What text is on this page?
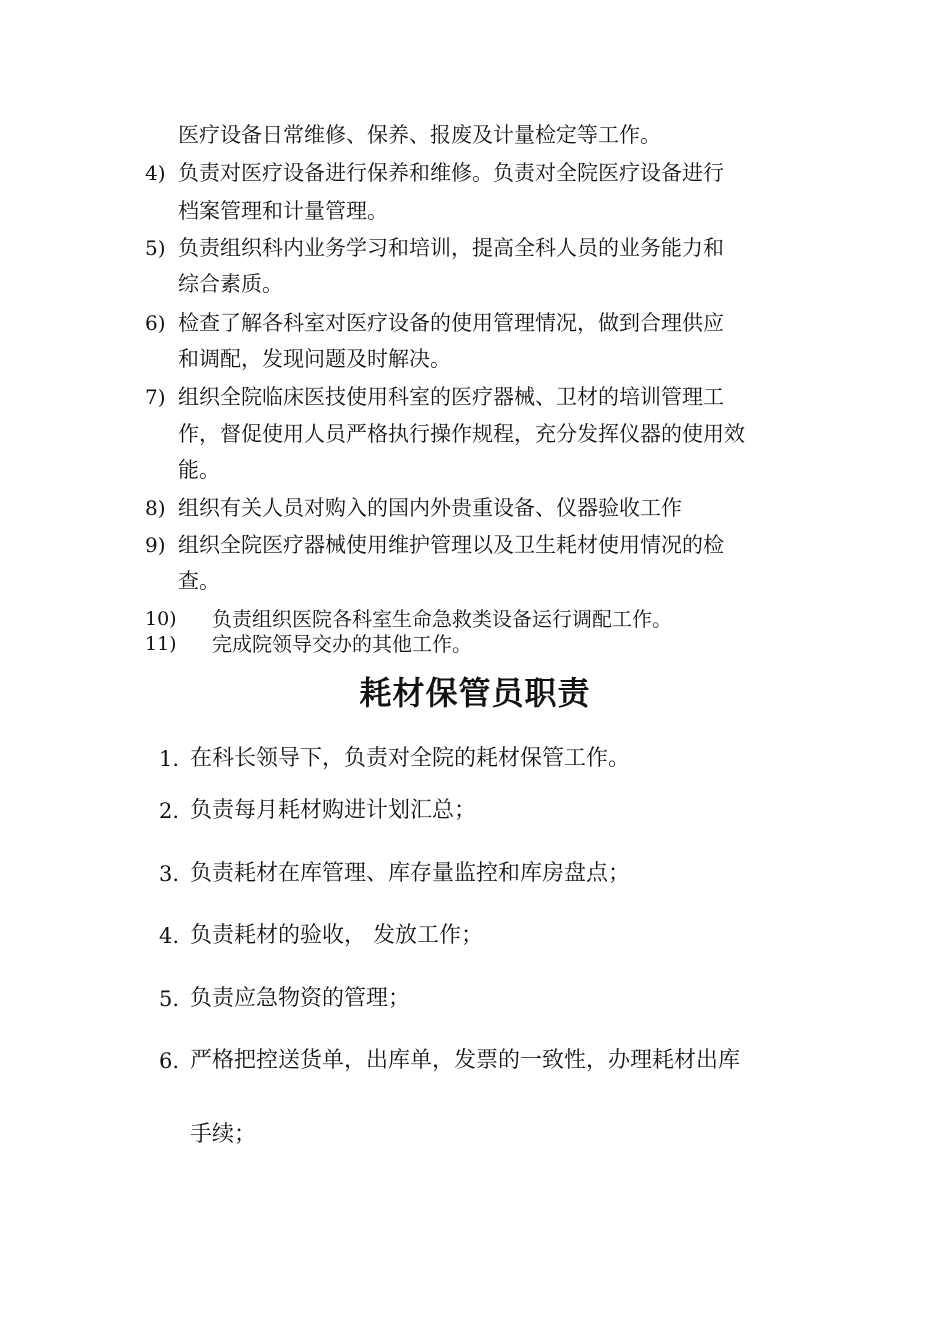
医疗设备日常维修、保养、报废及计量检定等工作。
4) 负责对医疗设备进行保养和维修。负责对全院医疗设备进行
档案管理和计量管理。
5) 负责组织科内业务学习和培训，提高全科人员的业务能力和
综合素质。
6) 检查了解各科室对医疗设备的使用管理情况，做到合理供应
和调配，发现问题及时解决。
7) 组织全院临床医技使用科室的医疗器械、卫材的培训管理工
作，督促使用人员严格执行操作规程，充分发挥仪器的使用效
能。
8) 组织有关人员对购入的国内外贵重设备、仪器验收工作
9) 组织全院医疗器械使用维护管理以及卫生耗材使用情况的检
查。
10) 负责组织医院各科室生命急救类设备运行调配工作。
11) 完成院领导交办的其他工作。
耗材保管员职责
1. 在科长领导下，负责对全院的耗材保管工作。
2. 负责每月耗材购进计划汇总；
3. 负责耗材在库管理、库存量监控和库房盘点；
4. 负责耗材的验收， 发放工作；
5. 负责应急物资的管理；
6. 严格把控送货单，出库单，发票的一致性，办理耗材出库
手续；
